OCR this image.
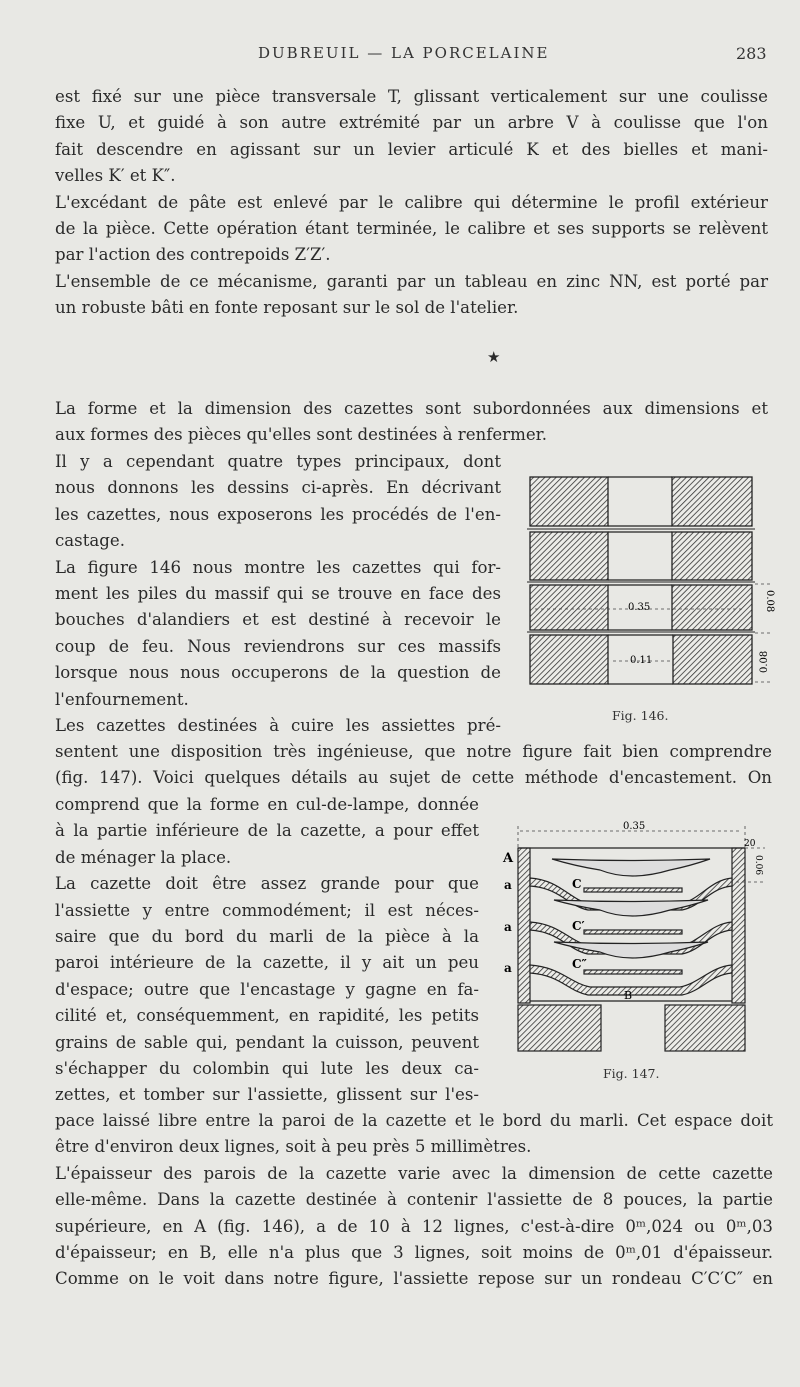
DUBREUIL — LA PORCELAINE	283
est fixé sur une pièce transversale T, glissant verticalement sur une coulisse
fixe U, et guidé à son autre extrémité par un arbre V à coulisse que l'on
fait descendre en agissant sur un levier articulé K et des bielles et mani-
velles K′ et K″.
L'excédant de pâte est enlevé par le calibre qui détermine le profil extérieur
de la pièce. Cette opération étant terminée, le calibre et ses supports se relèvent
par l'action des contrepoids Z′Z′.
L'ensemble de ce mécanisme, garanti par un tableau en zinc NN, est porté par
un robuste bâti en fonte reposant sur le sol de l'atelier.
★
La forme et la dimension des cazettes sont subordonnées aux dimensions et
aux formes des pièces qu'elles sont destinées à renfermer.
Il y a cependant quatre types principaux, dont
nous donnons les dessins ci-après. En décrivant
les cazettes, nous exposerons les procédés de l'en-
castage.
La figure 146 nous montre les cazettes qui for-
ment les piles du massif qui se trouve en face des
bouches d'alandiers et est destiné à recevoir le
coup de feu. Nous reviendrons sur ces massifs
lorsque nous nous occuperons de la question de
l'enfournement.
Les cazettes destinées à cuire les assiettes pré-
sentent une disposition très ingénieuse, que notre figure fait bien comprendre
(fig. 147). Voici quelques détails au sujet de cette méthode d'encastement. On
comprend que la forme en cul-de-lampe, donnée
à la partie inférieure de la cazette, a pour effet
de ménager la place.
La cazette doit être assez grande pour que
l'assiette y entre commodément; il est néces-
saire que du bord du marli de la pièce à la
paroi intérieure de la cazette, il y ait un peu
d'espace; outre que l'encastage y gagne en fa-
cilité et, conséquemment, en rapidité, les petits
grains de sable qui, pendant la cuisson, peuvent
s'échapper du colombin qui lute les deux ca-
zettes, et tomber sur l'assiette, glissent sur l'es-
pace laissé libre entre la paroi de la cazette et le bord du marli. Cet espace doit
être d'environ deux lignes, soit à peu près 5 millimètres.
L'épaisseur des parois de la cazette varie avec la dimension de cette cazette
elle-même. Dans la cazette destinée à contenir l'assiette de 8 pouces, la partie
supérieure, en A (fig. 146), a de 10 à 12 lignes, c'est-à-dire 0ᵐ,024 ou 0ᵐ,03
d'épaisseur; en B, elle n'a plus que 3 lignes, soit moins de 0ᵐ,01 d'épaisseur.
Comme on le voit dans notre figure, l'assiette repose sur un rondeau C′C′C″ en
0.35
0.11
0.08
0.08
Fig. 146.
0.35
20
0.06
A
a
a
a
C
C′
C″
B
Fig. 147.
